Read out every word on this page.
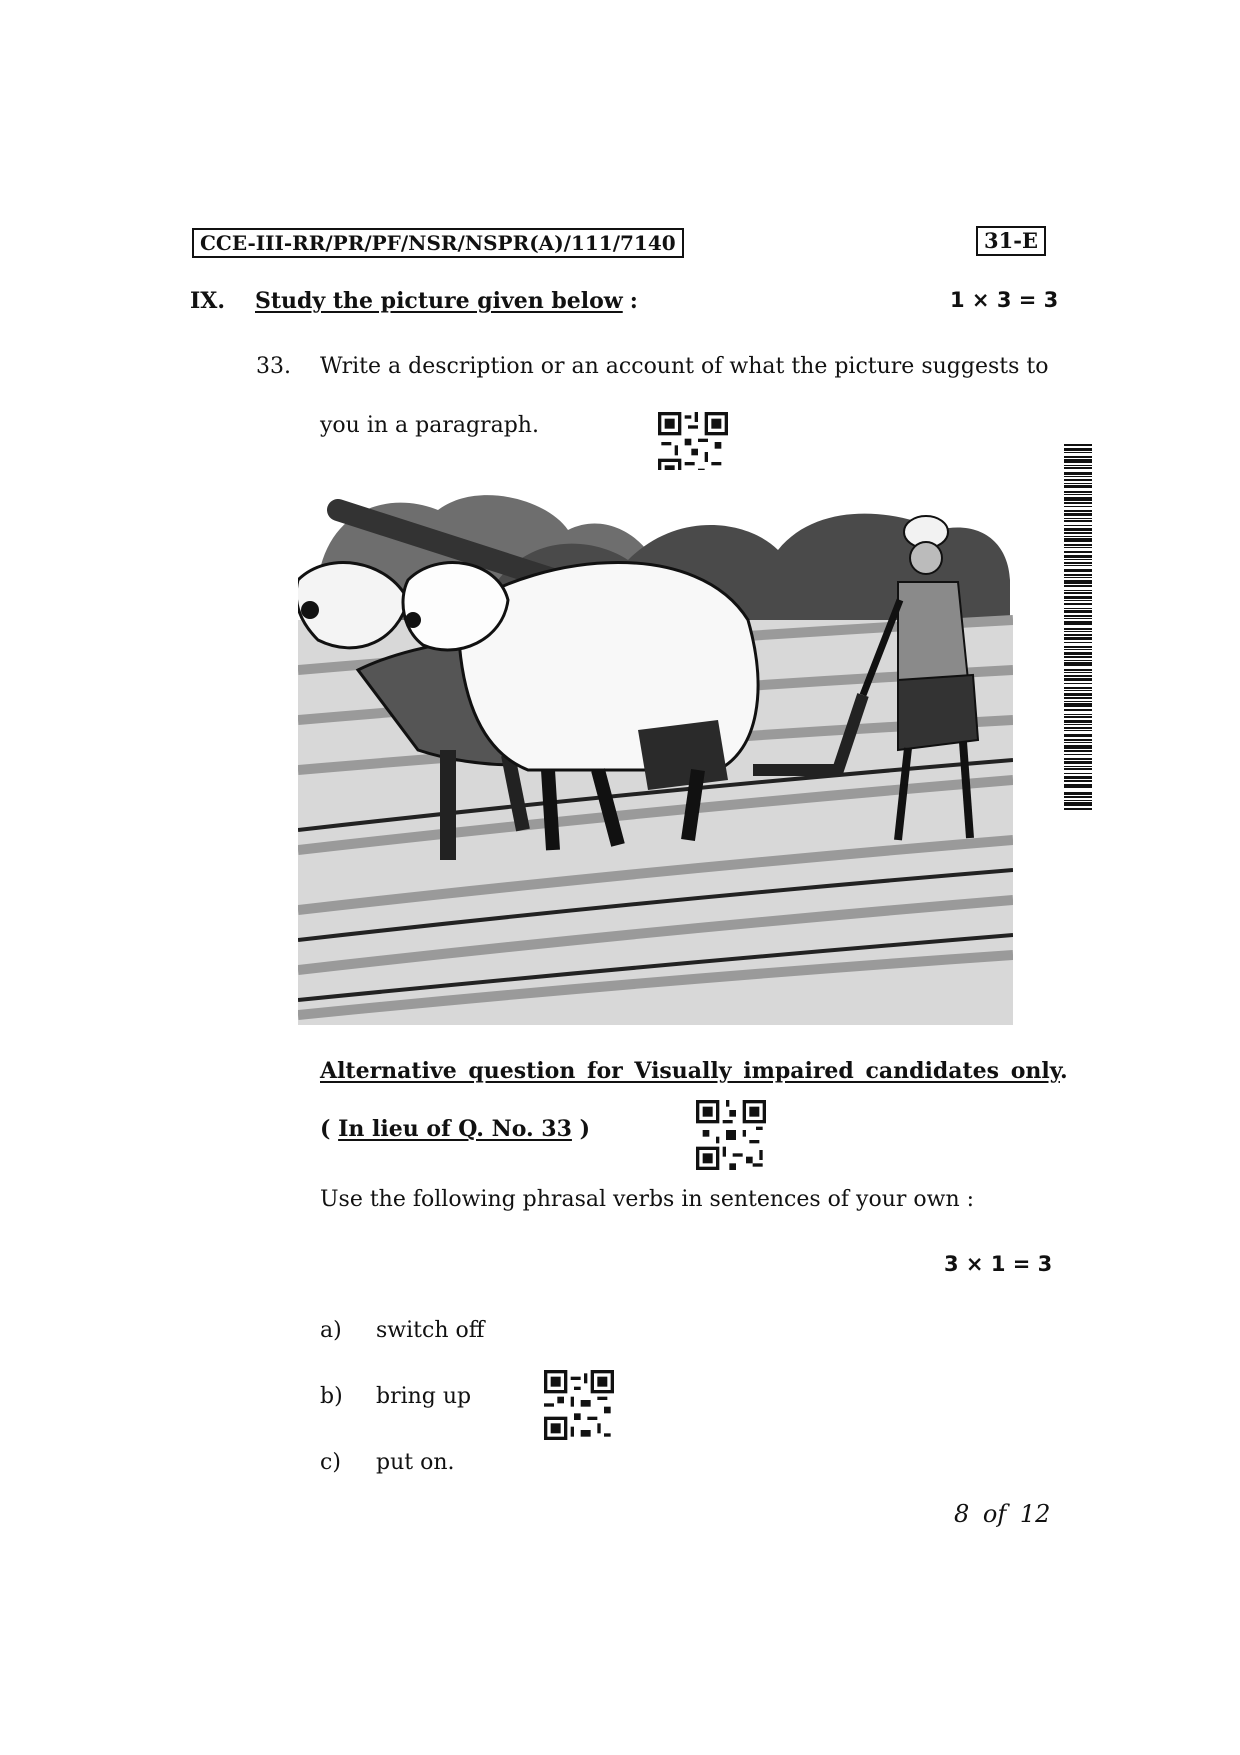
CCE-III-RR/PR/PF/NSR/NSPR(A)/111/7140	31-E
IX. Study the picture given below :	1 × 3 = 3
33. Write a description or an account of what the picture suggests to
you in a paragraph.
Alternative question for Visually impaired candidates only.
( In lieu of Q. No. 33 )
Use the following phrasal verbs in sentences of your own :
3 × 1 = 3
a) switch off
b) bring up
c) put on.
8 of 12
